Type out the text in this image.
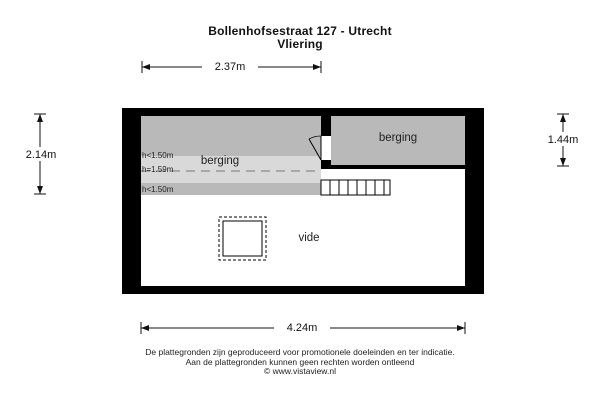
Bollenhofsestraat 127 - Utrecht
Vliering
2.37m
2.14m
1.44m
berging
berging
vide
h<1.50m
h=1.59m
h<1.50m
4.24m
De plattegronden zijn geproduceerd voor promotionele doeleinden en ter indicatie.
Aan de plattegronden kunnen geen rechten worden ontleend
© www.vistaview.nl
